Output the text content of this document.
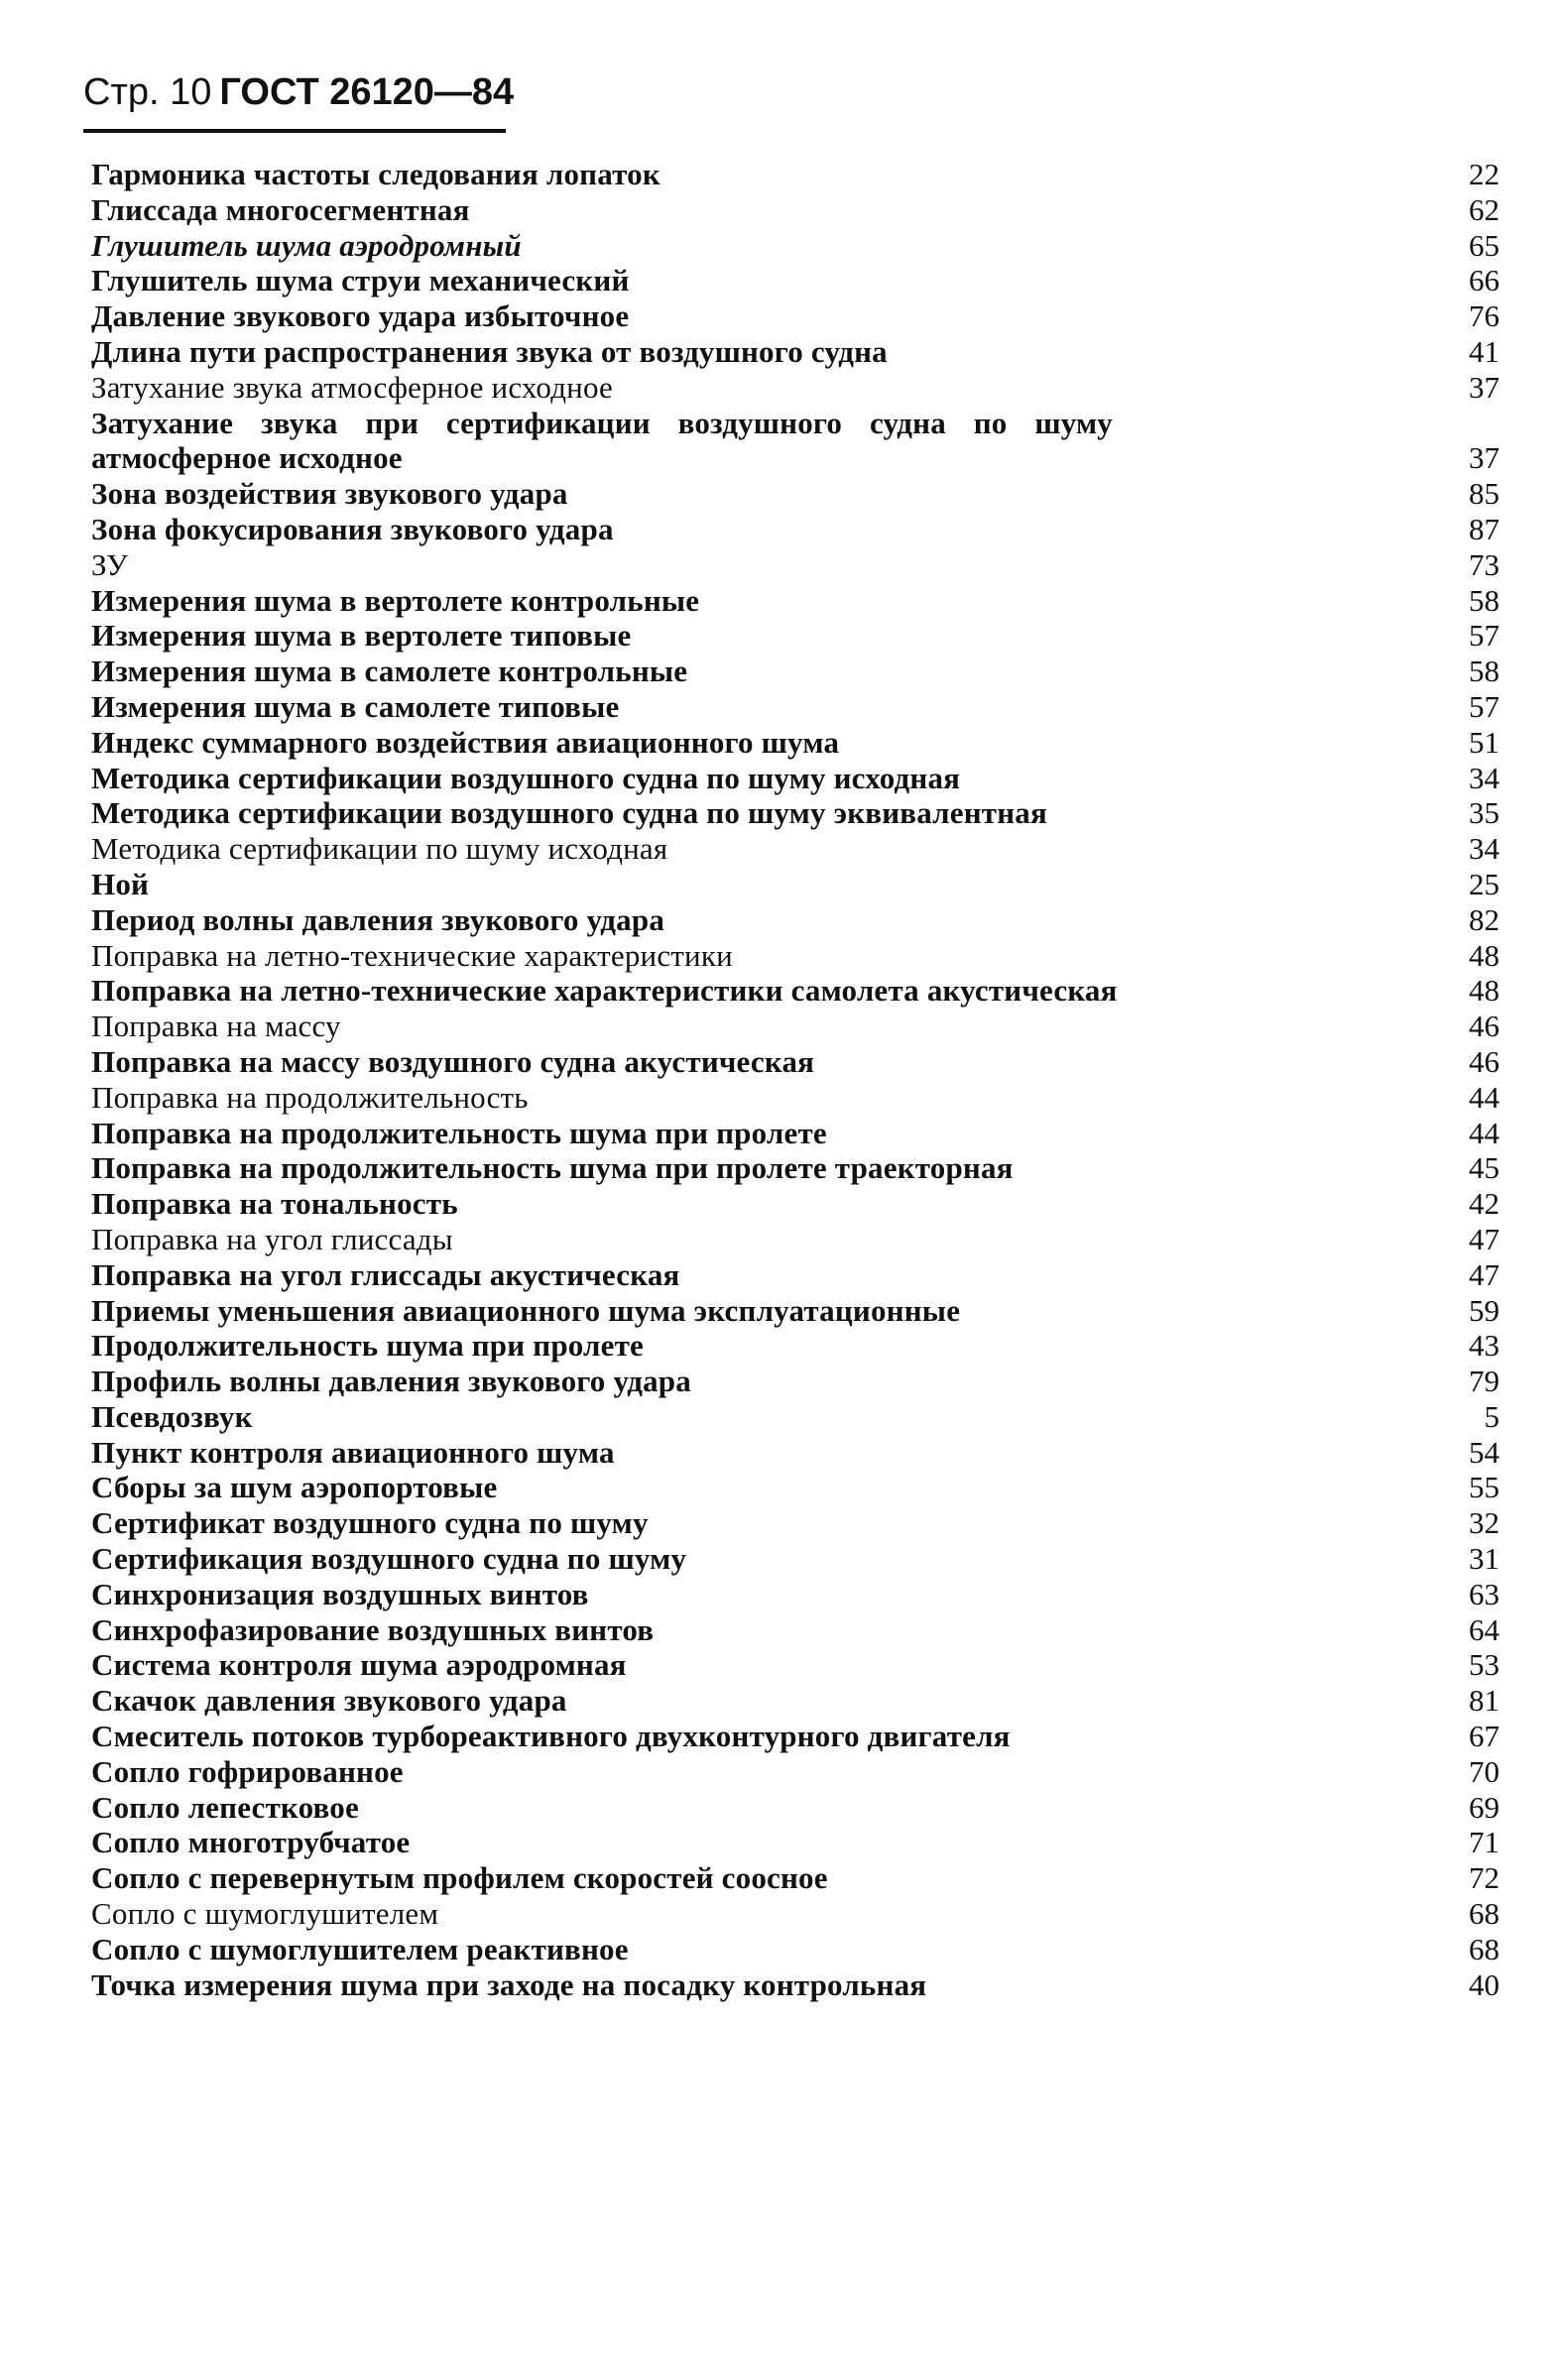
Стр. 10 ГОСТ 26120—84
Гармоника частоты следования лопаток	22
Глиссада многосегментная	62
Глушитель шума аэродромный	65
Глушитель шума струи механический	66
Давление звукового удара избыточное	76
Длина пути распространения звука от воздушного судна	41
Затухание звука атмосферное исходное	37
Затухание звука при сертификации воздушного судна по шуму атмосферное исходное	37
Зона воздействия звукового удара	85
Зона фокусирования звукового удара	87
ЗУ	73
Измерения шума в вертолете контрольные	58
Измерения шума в вертолете типовые	57
Измерения шума в самолете контрольные	58
Измерения шума в самолете типовые	57
Индекс суммарного воздействия авиационного шума	51
Методика сертификации воздушного судна по шуму исходная	34
Методика сертификации воздушного судна по шуму эквивалентная	35
Методика сертификации по шуму исходная	34
Ной	25
Период волны давления звукового удара	82
Поправка на летно-технические характеристики	48
Поправка на летно-технические характеристики самолета акустическая	48
Поправка на массу	46
Поправка на массу воздушного судна акустическая	46
Поправка на продолжительность	44
Поправка на продолжительность шума при пролете	44
Поправка на продолжительность шума при пролете траекторная	45
Поправка на тональность	42
Поправка на угол глиссады	47
Поправка на угол глиссады акустическая	47
Приемы уменьшения авиационного шума эксплуатационные	59
Продолжительность шума при пролете	43
Профиль волны давления звукового удара	79
Псевдозвук	5
Пункт контроля авиационного шума	54
Сборы за шум аэропортовые	55
Сертификат воздушного судна по шуму	32
Сертификация воздушного судна по шуму	31
Синхронизация воздушных винтов	63
Синхрофазирование воздушных винтов	64
Система контроля шума аэродромная	53
Скачок давления звукового удара	81
Смеситель потоков турбореактивного двухконтурного двигателя	67
Сопло гофрированное	70
Сопло лепестковое	69
Сопло многотрубчатое	71
Сопло с перевернутым профилем скоростей соосное	72
Сопло с шумоглушителем	68
Сопло с шумоглушителем реактивное	68
Точка измерения шума при заходе на посадку контрольная	40
